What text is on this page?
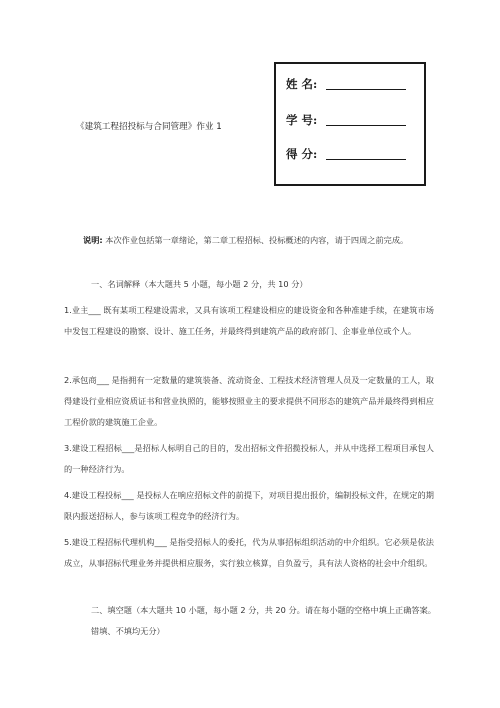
姓 名:
学 号:
得 分:
《建筑工程招投标与合同管理》作业 1
说明: 本次作业包括第一章绪论，第二章工程招标、投标概述的内容，请于四周之前完成。
一、名词解释（本大题共 5 小题，每小题 2 分，共 10 分）
1.业主___ 既有某项工程建设需求，又具有该项工程建设相应的建设资金和各种准建手续，在建筑市场中发包工程建设的勘察、设计、施工任务，并最终得到建筑产品的政府部门、企事业单位或个人。
2.承包商___ 是指拥有一定数量的建筑装备、流动资金、工程技术经济管理人员及一定数量的工人，取得建设行业相应资质证书和营业执照的，能够按照业主的要求提供不同形态的建筑产品并最终得到相应工程价款的建筑施工企业。
3.建设工程招标___是招标人标明自己的目的，发出招标文件招揽投标人，并从中选择工程项目承包人的一种经济行为。
4.建设工程投标___ 是投标人在响应招标文件的前提下，对项目提出报价，编制投标文件，在规定的期限内报送招标人，参与该项工程竞争的经济行为。
5.建设工程招标代理机构___ 是指受招标人的委托，代为从事招标组织活动的中介组织。它必须是依法成立，从事招标代理业务并提供相应服务，实行独立核算，自负盈亏，具有法人资格的社会中介组织。
二、填空题（本大题共 10 小题，每小题 2 分，共 20 分。请在每小题的空格中填上正确答案。错填、不填均无分）
